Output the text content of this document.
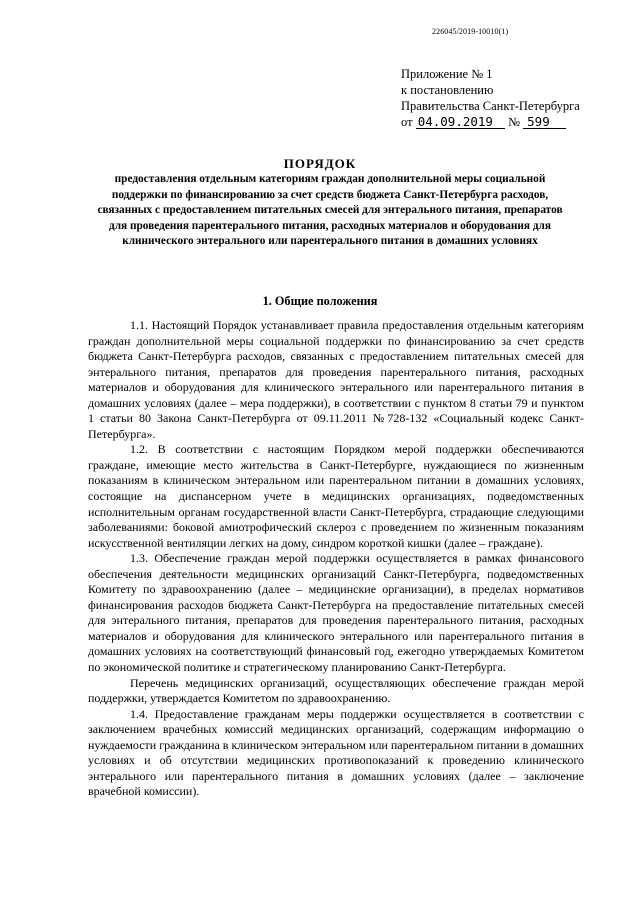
226045/2019-10010(1)
Приложение № 1
к постановлению
Правительства Санкт-Петербурга
от 04.09.2019 № 599
ПОРЯДОК
предоставления отдельным категориям граждан дополнительной меры социальной поддержки по финансированию за счет средств бюджета Санкт-Петербурга расходов, связанных с предоставлением питательных смесей для энтерального питания, препаратов для проведения парентерального питания, расходных материалов и оборудования для клинического энтерального или парентерального питания в домашних условиях
1. Общие положения

1.1. Настоящий Порядок устанавливает правила предоставления отдельным категориям граждан дополнительной меры социальной поддержки по финансированию за счет средств бюджета Санкт-Петербурга расходов, связанных с предоставлением питательных смесей для энтерального питания, препаратов для проведения парентерального питания, расходных материалов и оборудования для клинического энтерального или парентерального питания в домашних условиях (далее – мера поддержки), в соответствии с пунктом 8 статьи 79 и пунктом 1 статьи 80 Закона Санкт-Петербурга от 09.11.2011 №728-132 «Социальный кодекс Санкт-Петербурга».

1.2. В соответствии с настоящим Порядком мерой поддержки обеспечиваются граждане, имеющие место жительства в Санкт-Петербурге, нуждающиеся по жизненным показаниям в клиническом энтеральном или парентеральном питании в домашних условиях, состоящие на диспансерном учете в медицинских организациях, подведомственных исполнительным органам государственной власти Санкт-Петербурга, страдающие следующими заболеваниями: боковой амиотрофический склероз с проведением по жизненным показаниям искусственной вентиляции легких на дому, синдром короткой кишки (далее – граждане).

1.3. Обеспечение граждан мерой поддержки осуществляется в рамках финансового обеспечения деятельности медицинских организаций Санкт-Петербурга, подведомственных Комитету по здравоохранению (далее – медицинские организации), в пределах нормативов финансирования расходов бюджета Санкт-Петербурга на предоставление питательных смесей для энтерального питания, препаратов для проведения парентерального питания, расходных материалов и оборудования для клинического энтерального или парентерального питания в домашних условиях на соответствующий финансовый год, ежегодно утверждаемых Комитетом по экономической политике и стратегическому планированию Санкт-Петербурга.

Перечень медицинских организаций, осуществляющих обеспечение граждан мерой поддержки, утверждается Комитетом по здравоохранению.

1.4. Предоставление гражданам меры поддержки осуществляется в соответствии с заключением врачебных комиссий медицинских организаций, содержащим информацию о нуждаемости гражданина в клиническом энтеральном или парентеральном питании в домашних условиях и об отсутствии медицинских противопоказаний к проведению клинического энтерального или парентерального питания в домашних условиях (далее – заключение врачебной комиссии).
